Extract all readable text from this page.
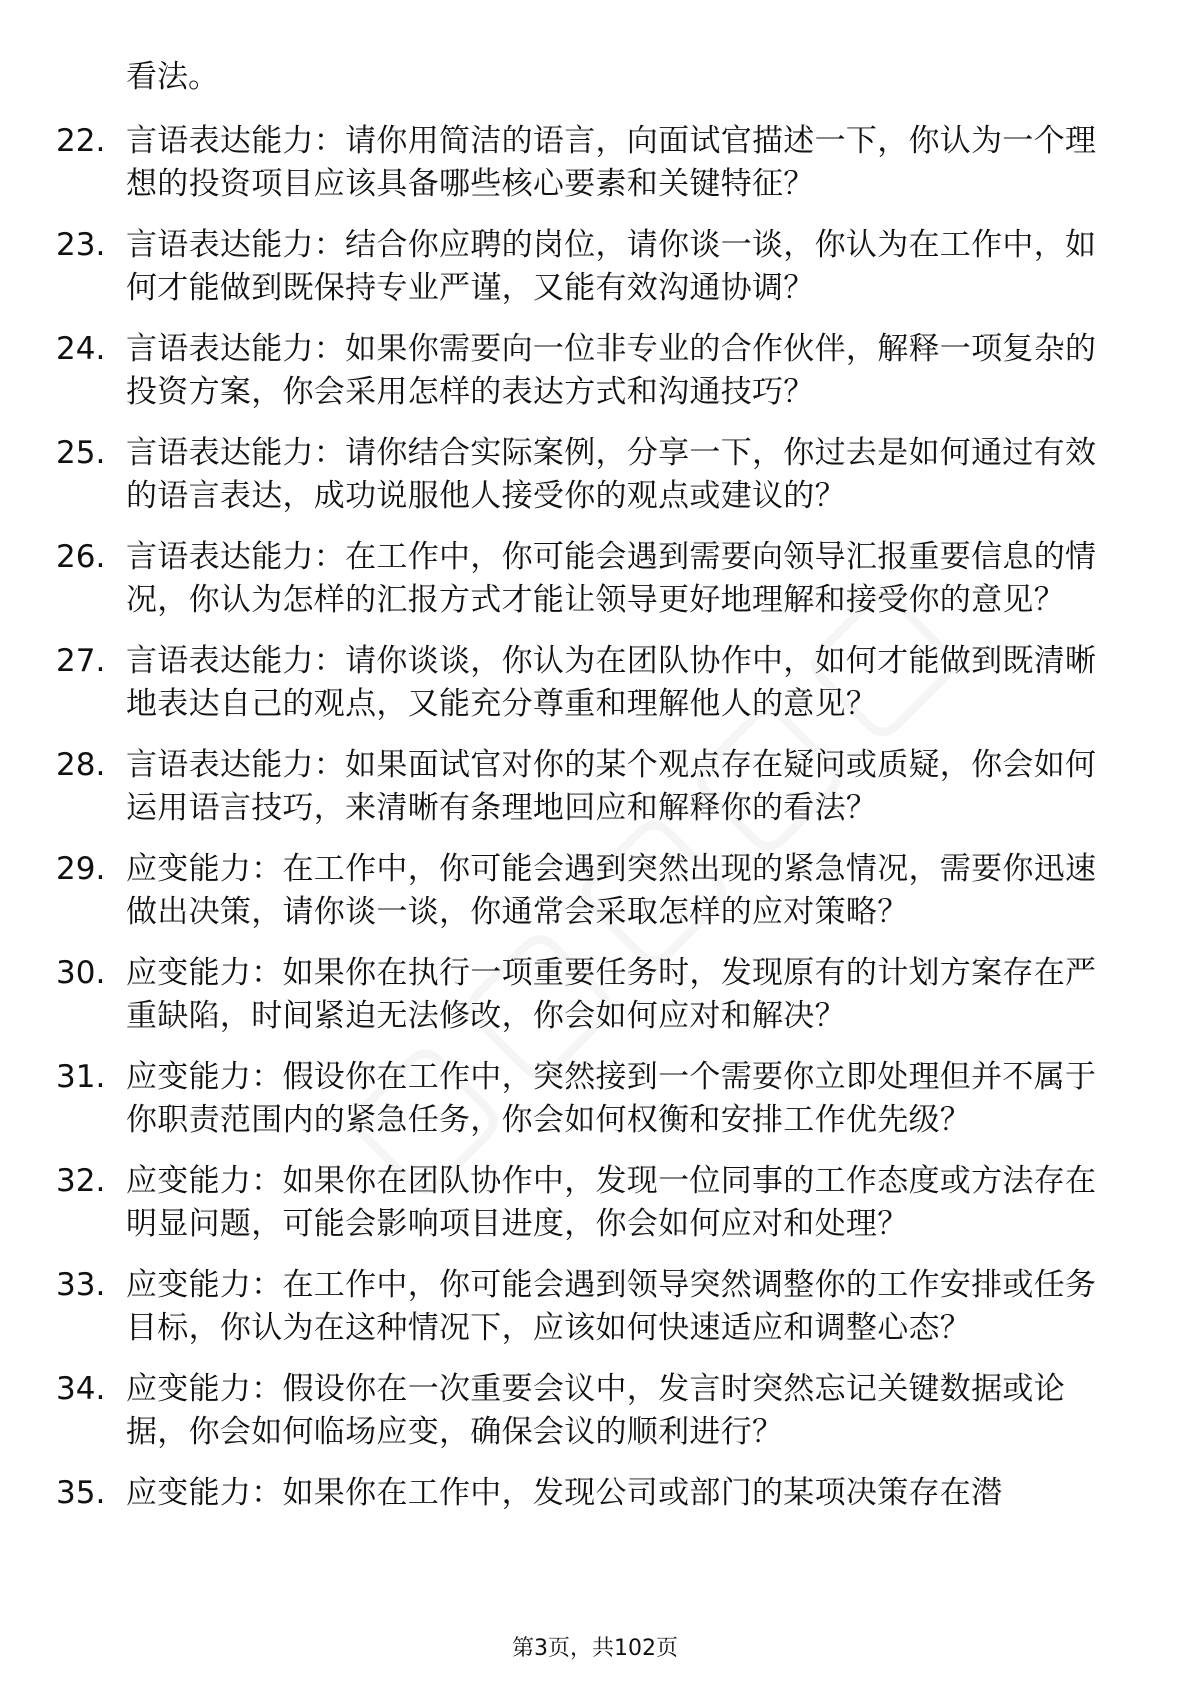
看法。
22. 言语表达能力：请你用简洁的语言，向面试官描述一下，你认为一个理想的投资项目应该具备哪些核心要素和关键特征？
23. 言语表达能力：结合你应聘的岗位，请你谈一谈，你认为在工作中，如何才能做到既保持专业严谨，又能有效沟通协调？
24. 言语表达能力：如果你需要向一位非专业的合作伙伴，解释一项复杂的投资方案，你会采用怎样的表达方式和沟通技巧？
25. 言语表达能力：请你结合实际案例，分享一下，你过去是如何通过有效的语言表达，成功说服他人接受你的观点或建议的？
26. 言语表达能力：在工作中，你可能会遇到需要向领导汇报重要信息的情况，你认为怎样的汇报方式才能让领导更好地理解和接受你的意见？
27. 言语表达能力：请你谈谈，你认为在团队协作中，如何才能做到既清晰地表达自己的观点，又能充分尊重和理解他人的意见？
28. 言语表达能力：如果面试官对你的某个观点存在疑问或质疑，你会如何运用语言技巧，来清晰有条理地回应和解释你的看法？
29. 应变能力：在工作中，你可能会遇到突然出现的紧急情况，需要你迅速做出决策，请你谈一谈，你通常会采取怎样的应对策略？
30. 应变能力：如果你在执行一项重要任务时，发现原有的计划方案存在严重缺陷，时间紧迫无法修改，你会如何应对和解决？
31. 应变能力：假设你在工作中，突然接到一个需要你立即处理但并不属于你职责范围内的紧急任务，你会如何权衡和安排工作优先级？
32. 应变能力：如果你在团队协作中，发现一位同事的工作态度或方法存在明显问题，可能会影响项目进度，你会如何应对和处理？
33. 应变能力：在工作中，你可能会遇到领导突然调整你的工作安排或任务目标，你认为在这种情况下，应该如何快速适应和调整心态？
34. 应变能力：假设你在一次重要会议中，发言时突然忘记关键数据或论据，你会如何临场应变，确保会议的顺利进行？
35. 应变能力：如果你在工作中，发现公司或部门的某项决策存在潜
第3页，共102页
